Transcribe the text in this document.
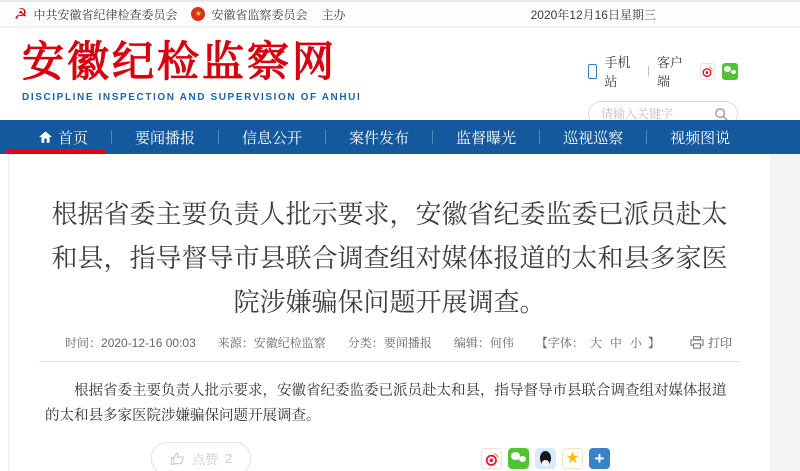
☭
中共安徽省纪律检查委员会 ★	安徽省监察委员会 主办	2020年12月16日星期三
安徽纪检监察网
DISCIPLINE INSPECTION AND SUPERVISION OF ANHUI
手机站
|
客户端
请输入关键字
首页	要闻播报	信息公开	案件发布	监督曝光	巡视巡察	视频图说
根据省委主要负责人批示要求，安徽省纪委监委已派员赴太和县，指导督导市县联合调查组对媒体报道的太和县多家医院涉嫌骗保问题开展调查。
时间：2020-12-16 00:03 来源：安徽纪检监察 分类：要闻播报 编辑：何伟 【字体： 大 中 小 】	打印
根据省委主要负责人批示要求，安徽省纪委监委已派员赴太和县，指导督导市县联合调查组对媒体报道的太和县多家医院涉嫌骗保问题开展调查。
点赞 2
★
+
